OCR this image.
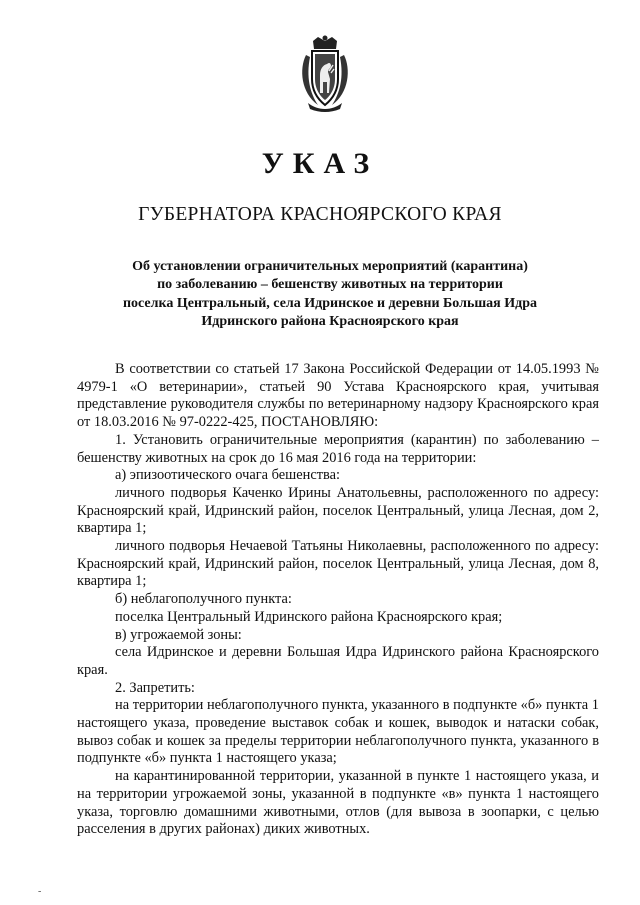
УКАЗ
ГУБЕРНАТОРА КРАСНОЯРСКОГО КРАЯ
Об установлении ограничительных мероприятий (карантина)
по заболеванию – бешенству животных на территории
поселка Центральный, села Идринское и деревни Большая Идра
Идринского района Красноярского края

В соответствии со статьей 17 Закона Российской Федерации от 14.05.1993 № 4979-1 «О ветеринарии», статьей 90 Устава Красноярского края, учитывая представление руководителя службы по ветеринарному надзору Красноярского края от 18.03.2016 № 97-0222-425, ПОСТАНОВЛЯЮ:

1. Установить ограничительные мероприятия (карантин) по заболеванию – бешенству животных на срок до 16 мая 2016 года на территории:

а) эпизоотического очага бешенства:

личного подворья Каченко Ирины Анатольевны, расположенного по адресу: Красноярский край, Идринский район, поселок Центральный, улица Лесная, дом 2, квартира 1;

личного подворья Нечаевой Татьяны Николаевны, расположенного по адресу: Красноярский край, Идринский район, поселок Центральный, улица Лесная, дом 8, квартира 1;

б) неблагополучного пункта:

поселка Центральный Идринского района Красноярского края;

в) угрожаемой зоны:

села Идринское и деревни Большая Идра Идринского района Красноярского края.

2. Запретить:

на территории неблагополучного пункта, указанного в подпункте «б» пункта 1 настоящего указа, проведение выставок собак и кошек, выводок и натаски собак, вывоз собак и кошек за пределы территории неблагополучного пункта, указанного в подпункте «б» пункта 1 настоящего указа;

на карантинированной территории, указанной в пункте 1 настоящего указа, и на территории угрожаемой зоны, указанной в подпункте «в» пункта 1 настоящего указа, торговлю домашними животными, отлов (для вывоза в зоопарки, с целью расселения в других районах) диких животных.

-
